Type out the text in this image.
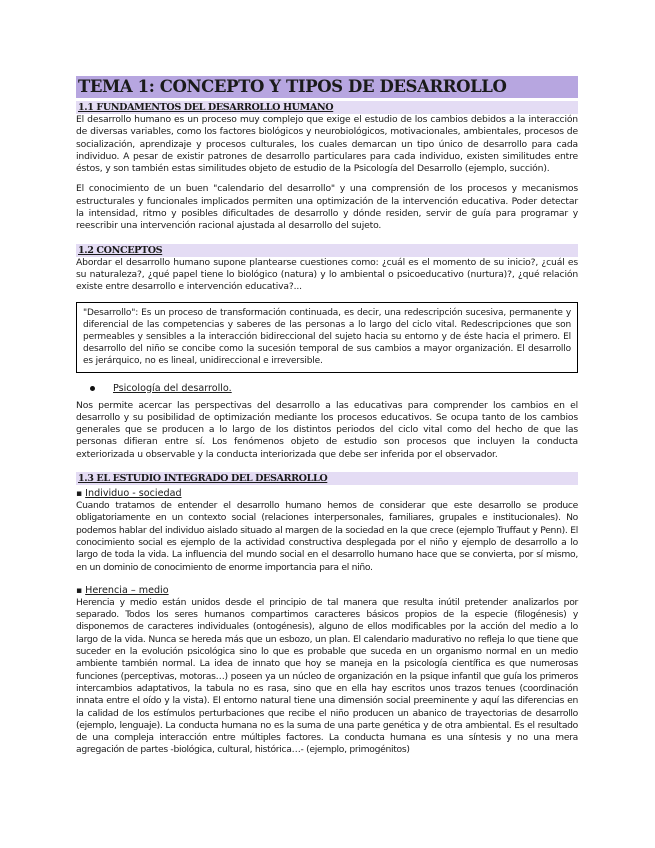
TEMA 1: CONCEPTO Y TIPOS DE DESARROLLO
1.1 FUNDAMENTOS DEL DESARROLLO HUMANO

El desarrollo humano es un proceso muy complejo que exige el estudio de los cambios debidos a la interacción de diversas variables, como los factores biológicos y neurobiológicos, motivacionales, ambientales, procesos de socialización, aprendizaje y procesos culturales, los cuales demarcan un tipo único de desarrollo para cada individuo. A pesar de existir patrones de desarrollo particulares para cada individuo, existen similitudes entre éstos, y son también estas similitudes objeto de estudio de la Psicología del Desarrollo (ejemplo, succión).

El conocimiento de un buen "calendario del desarrollo" y una comprensión de los procesos y mecanismos estructurales y funcionales implicados permiten una optimización de la intervención educativa. Poder detectar la intensidad, ritmo y posibles dificultades de desarrollo y dónde residen, servir de guía para programar y reescribir una intervención racional ajustada al desarrollo del sujeto.

1.2 CONCEPTOS

Abordar el desarrollo humano supone plantearse cuestiones como: ¿cuál es el momento de su inicio?, ¿cuál es su naturaleza?, ¿qué papel tiene lo biológico (natura) y lo ambiental o psicoeducativo (nurtura)?, ¿qué relación existe entre desarrollo e intervención educativa?...

"Desarrollo": Es un proceso de transformación continuada, es decir, una redescripción sucesiva, permanente y diferencial de las competencias y saberes de las personas a lo largo del ciclo vital. Redescripciones que son permeables y sensibles a la interacción bidireccional del sujeto hacia su entorno y de éste hacia el primero. El desarrollo del niño se concibe como la sucesión temporal de sus cambios a mayor organización. El desarrollo es jerárquico, no es lineal, unidireccional e irreversible.

Psicología del desarrollo.

Nos permite acercar las perspectivas del desarrollo a las educativas para comprender los cambios en el desarrollo y su posibilidad de optimización mediante los procesos educativos. Se ocupa tanto de los cambios generales que se producen a lo largo de los distintos periodos del ciclo vital como del hecho de que las personas difieran entre sí. Los fenómenos objeto de estudio son procesos que incluyen la conducta exteriorizada u observable y la conducta interiorizada que debe ser inferida por el observador.

1.3 EL ESTUDIO INTEGRADO DEL DESARROLLO
▪ Individuo - sociedad

Cuando tratamos de entender el desarrollo humano hemos de considerar que este desarrollo se produce obligatoriamente en un contexto social (relaciones interpersonales, familiares, grupales e institucionales). No podemos hablar del individuo aislado situado al margen de la sociedad en la que crece (ejemplo Truffaut y Penn). El conocimiento social es ejemplo de la actividad constructiva desplegada por el niño y ejemplo de desarrollo a lo largo de toda la vida. La influencia del mundo social en el desarrollo humano hace que se convierta, por sí mismo, en un dominio de conocimiento de enorme importancia para el niño.

▪ Herencia – medio

Herencia y medio están unidos desde el principio de tal manera que resulta inútil pretender analizarlos por separado. Todos los seres humanos compartimos caracteres básicos propios de la especie (filogénesis) y disponemos de caracteres individuales (ontogénesis), alguno de ellos modificables por la acción del medio a lo largo de la vida. Nunca se hereda más que un esbozo, un plan. El calendario madurativo no refleja lo que tiene que suceder en la evolución psicológica sino lo que es probable que suceda en un organismo normal en un medio ambiente también normal. La idea de innato que hoy se maneja en la psicología científica es que numerosas funciones (perceptivas, motoras…) poseen ya un núcleo de organización en la psique infantil que guía los primeros intercambios adaptativos, la tabula no es rasa, sino que en ella hay escritos unos trazos tenues (coordinación innata entre el oído y la vista). El entorno natural tiene una dimensión social preeminente y aquí las diferencias en la calidad de los estímulos perturbaciones que recibe el niño producen un abanico de trayectorias de desarrollo (ejemplo, lenguaje). La conducta humana no es la suma de una parte genética y de otra ambiental. Es el resultado de una compleja interacción entre múltiples factores. La conducta humana es una síntesis y no una mera agregación de partes -biológica, cultural, histórica…- (ejemplo, primogénitos)
